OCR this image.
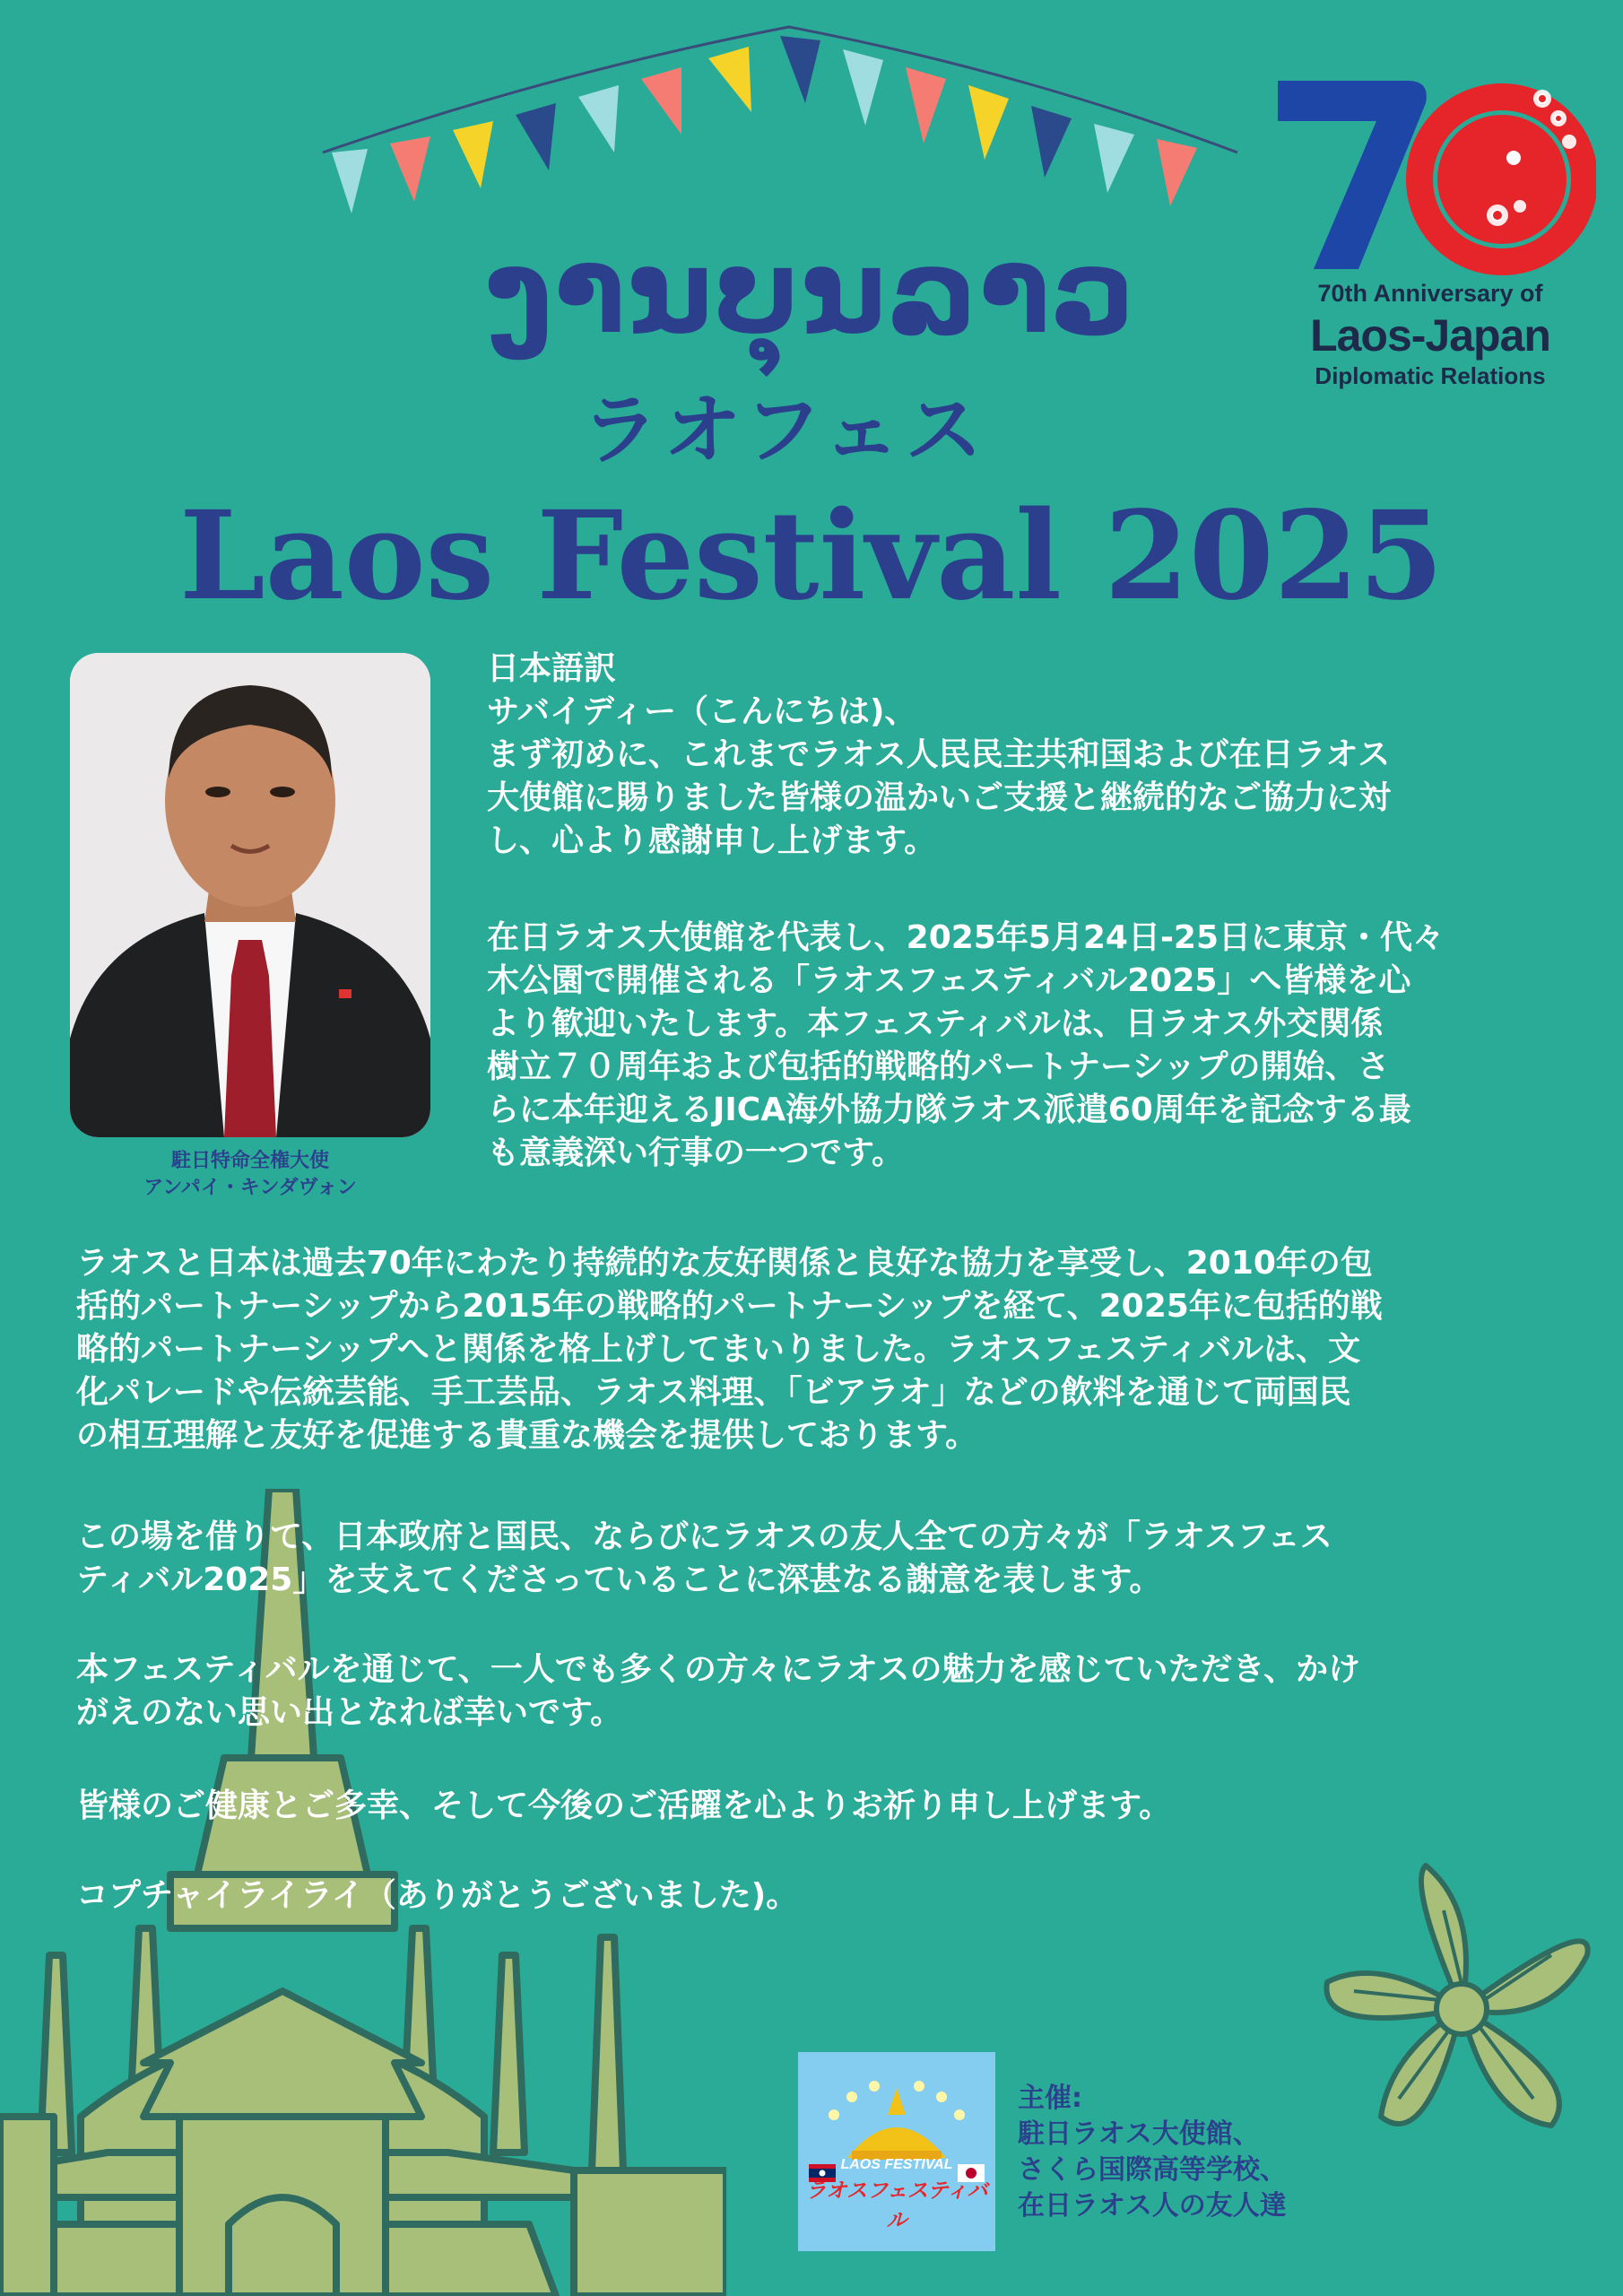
ງານບຸນລາວ
ラオフェス
Laos Festival 2025
70th Anniversary of
Laos-Japan
Diplomatic Relations
駐日特命全権大使
アンパイ・キンダヴォン
日本語訳
サバイディー（こんにちは)、
まず初めに、これまでラオス人民民主共和国および在日ラオス
大使館に賜りました皆様の温かいご支援と継続的なご協力に対
し、心より感謝申し上げます。
在日ラオス大使館を代表し、2025年5月24日-25日に東京・代々
木公園で開催される「ラオスフェスティバル2025」へ皆様を心
より歓迎いたします。本フェスティバルは、日ラオス外交関係
樹立７０周年および包括的戦略的パートナーシップの開始、さ
らに本年迎えるJICA海外協力隊ラオス派遣60周年を記念する最
も意義深い行事の一つです。
ラオスと日本は過去70年にわたり持続的な友好関係と良好な協力を享受し、2010年の包
括的パートナーシップから2015年の戦略的パートナーシップを経て、2025年に包括的戦
略的パートナーシップへと関係を格上げしてまいりました。ラオスフェスティバルは、文
化パレードや伝統芸能、手工芸品、ラオス料理、「ビアラオ」などの飲料を通じて両国民
の相互理解と友好を促進する貴重な機会を提供しております。
この場を借りて、日本政府と国民、ならびにラオスの友人全ての方々が「ラオスフェス
ティバル2025」を支えてくださっていることに深甚なる謝意を表します。
本フェスティバルを通じて、一人でも多くの方々にラオスの魅力を感じていただき、かけ
がえのない思い出となれば幸いです。
皆様のご健康とご多幸、そして今後のご活躍を心よりお祈り申し上げます。
コプチャイライライ（ありがとうございました)。
LAOS FESTIVAL
ラオスフェスティバル
主催:
駐日ラオス大使館、
さくら国際高等学校、
在日ラオス人の友人達
